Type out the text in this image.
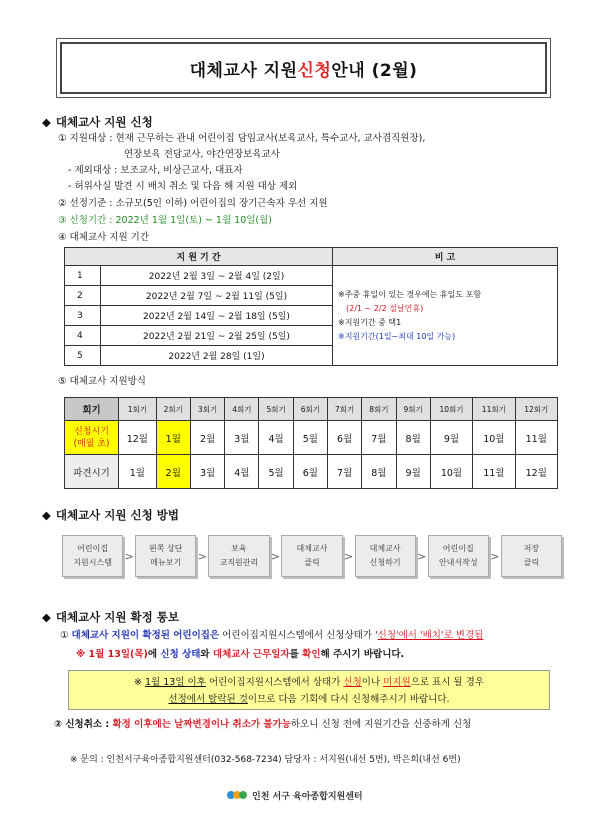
대체교사 지원 신청 안내 (2월)
◆ 대체교사 지원 신청
① 지원대상 : 현재 근무하는 관내 어린이집 담임교사(보육교사, 특수교사, 교사겸직원장),
연장보육 전담교사, 야간연장보육교사
- 제외대상 : 보조교사, 비상근교사, 대표자
- 허위사실 발견 시 배치 취소 및 다음 해 지원 대상 제외
② 선정기준 : 소규모(5인 이하) 어린이집의 장기근속자 우선 지원
③ 신청기간 : 2022년 1월 1일(토) ~ 1월 10일(월)
④ 대체교사 지원 기간
지 원 기 간		비 고
1	2022년 2월 3일 ~ 2월 4일 (2일)	※주중 휴일이 있는 경우에는 휴일도 포함
(2/1 ~ 2/2 설날연휴)
※지원기간 중 택1
※지원기간(1일~최대 10일 가능)

2	2022년 2월 7일 ~ 2월 11일 (5일)	
3	2022년 2월 14일 ~ 2월 18일 (5일)	
4	2022년 2월 21일 ~ 2월 25일 (5일)	
5	2022년 2월 28일 (1일)	
⑤ 대체교사 지원방식
회기	1회기	2회기	3회기	4회기	5회기	6회기	7회기	8회기	9회기	10회기	11회기	12회기

신청시기
(매월 초)	12월	1월	2월	3월	4월	5월	6월	7월	8월	9월	10월	11월
파견시기	1월	2월	3월	4월	5월	6월	7월	8월	9월	10월	11월	12월
◆ 대체교사 지원 신청 방법
어린이집
지원시스템 >
왼쪽 상단
메뉴보기 >
보육
교직원관리 >
대체교사
클릭	>
대체교사
신청하기 >
어린이집
안내서작성 >
저장
클릭
◆ 대체교사 지원 확정 통보
① 대체교사 지원이 확정된 어린이집은 어린이집지원시스템에서 신청상태가 '신청'에서 '배치'로 변경됨
※ 1월 13일(목)에 신청 상태와 대체교사 근무일자를 확인해 주시기 바랍니다.
※ 1월 13일 이후 어린이집지원시스템에서 상태가 신청이나 미지원으로 표시 될 경우
선정에서 탈락된 것이므로 다음 기회에 다시 신청해주시기 바랍니다.
② 신청취소 : 확정 이후에는 날짜변경이나 취소가 불가능하오니 신청 전에 지원기간을 신중하게 신청
※ 문의 : 인천서구육아종합지원센터(032-568-7234) 담당자 : 서지원(내선 5번), 박은희(내선 6번)
인천 서구 육아종합지원센터
